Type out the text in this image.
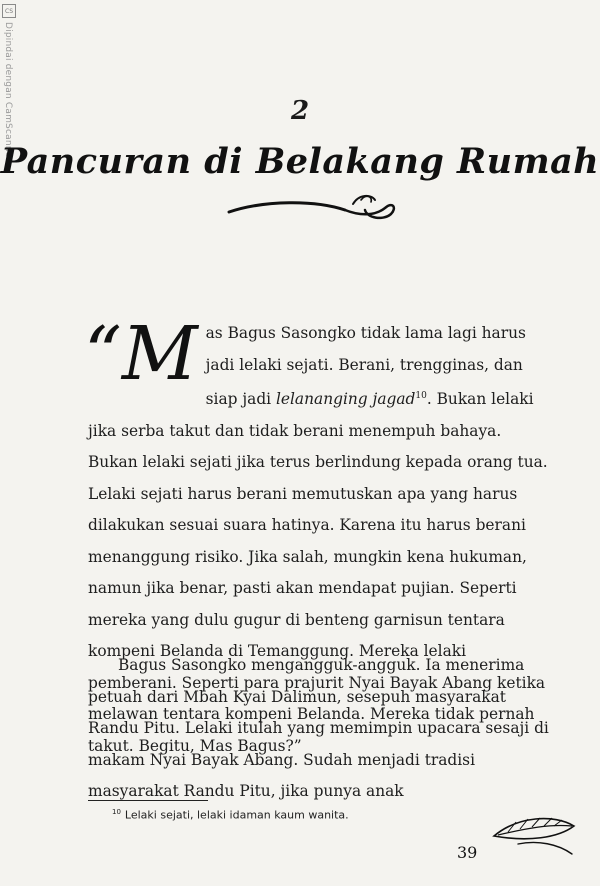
CS
Dipindai dengan CamScanner	2
Pancuran di Belakang Rumah
“M as Bagus Sasongko tidak lama lagi harus jadi lelaki sejati. Berani, trengginas, dan siap jadi lelananging jagad$^{10}$. Bukan lelaki jika serba takut dan tidak berani menempuh bahaya. Bukan lelaki sejati jika terus berlindung kepada orang tua. Lelaki sejati harus berani memutuskan apa yang harus dilakukan sesuai suara hatinya. Karena itu harus berani menanggung risiko. Jika salah, mungkin kena hukuman, namun jika benar, pasti akan mendapat pujian. Seperti mereka yang dulu gugur di benteng garnisun tentara kompeni Belanda di Temanggung. Mereka lelaki pemberani. Seperti para prajurit Nyai Bayak Abang ketika melawan tentara kompeni Belanda. Mereka tidak pernah takut. Begitu, Mas Bagus?”
Bagus Sasongko mengangguk-angguk. Ia menerima petuah dari Mbah Kyai Dalimun, sesepuh masyarakat Randu Pitu. Lelaki itulah yang memimpin upacara sesaji di makam Nyai Bayak Abang. Sudah menjadi tradisi masyarakat Randu Pitu, jika punya anak
$^{10}$ Lelaki sejati, lelaki idaman kaum wanita.
39
